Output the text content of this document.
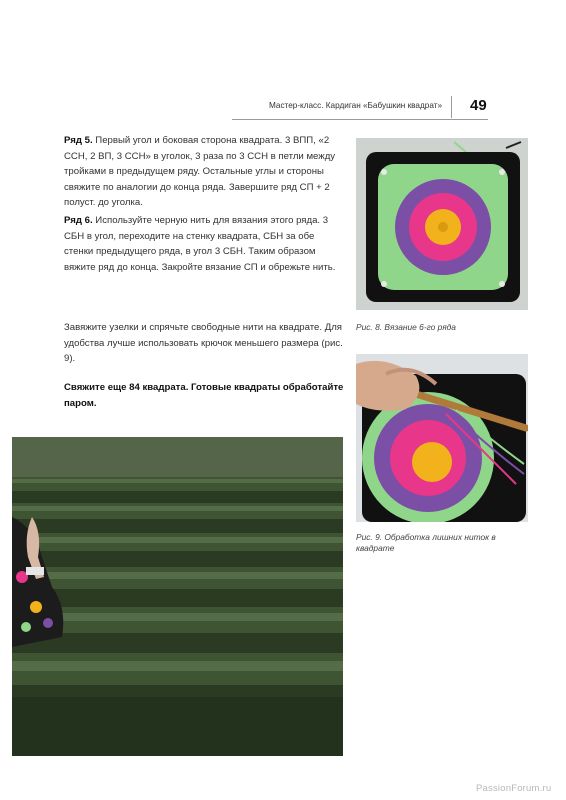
Мастер-класс. Кардиган «Бабушкин квадрат» 49
Ряд 5. Первый угол и боковая сторона квадрата. 3 ВПП, «2 ССН, 2 ВП, 3 ССН» в уголок, 3 раза по 3 ССН в петли между тройками в предыдущем ряду. Остальные углы и стороны свяжите по аналогии до конца ряда. Завершите ряд СП + 2 полуст. до уголка.
Ряд 6. Используйте черную нить для вязания этого ряда. 3 СБН в угол, переходите на стенку квадрата, СБН за обе стенки предыдущего ряда, в угол 3 СБН. Таким образом вяжите ряд до конца. Закройте вязание СП и обрежьте нить.
Завяжите узелки и спрячьте свободные нити на квадрате. Для удобства лучше использовать крючок меньшего размера (рис. 9).
Свяжите еще 84 квадрата. Готовые квадраты обработайте паром.
Рис. 8. Вязание 6-го ряда
Рис. 9. Обработка лишних ниток в квадрате
PassionForum.ru
